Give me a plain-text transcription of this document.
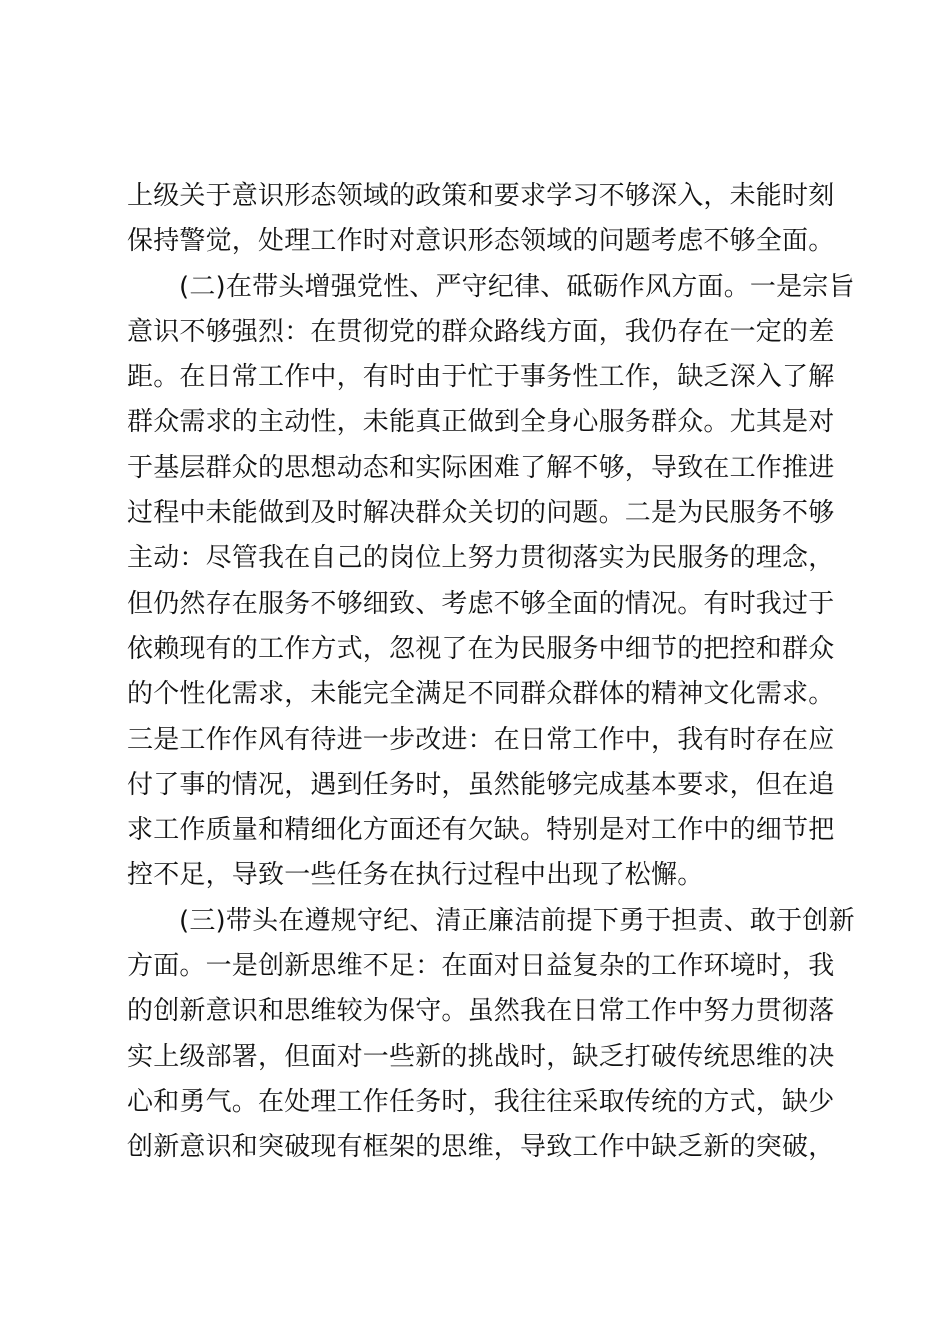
上级关于意识形态领域的政策和要求学习不够深入，未能时刻
保持警觉，处理工作时对意识形态领域的问题考虑不够全面。
(二)在带头增强党性、严守纪律、砥砺作风方面。一是宗旨
意识不够强烈：在贯彻党的群众路线方面，我仍存在一定的差
距。在日常工作中，有时由于忙于事务性工作，缺乏深入了解
群众需求的主动性，未能真正做到全身心服务群众。尤其是对
于基层群众的思想动态和实际困难了解不够，导致在工作推进
过程中未能做到及时解决群众关切的问题。二是为民服务不够
主动：尽管我在自己的岗位上努力贯彻落实为民服务的理念，
但仍然存在服务不够细致、考虑不够全面的情况。有时我过于
依赖现有的工作方式，忽视了在为民服务中细节的把控和群众
的个性化需求，未能完全满足不同群众群体的精神文化需求。
三是工作作风有待进一步改进：在日常工作中，我有时存在应
付了事的情况，遇到任务时，虽然能够完成基本要求，但在追
求工作质量和精细化方面还有欠缺。特别是对工作中的细节把
控不足，导致一些任务在执行过程中出现了松懈。
(三)带头在遵规守纪、清正廉洁前提下勇于担责、敢于创新
方面。一是创新思维不足：在面对日益复杂的工作环境时，我
的创新意识和思维较为保守。虽然我在日常工作中努力贯彻落
实上级部署，但面对一些新的挑战时，缺乏打破传统思维的决
心和勇气。在处理工作任务时，我往往采取传统的方式，缺少
创新意识和突破现有框架的思维，导致工作中缺乏新的突破，
